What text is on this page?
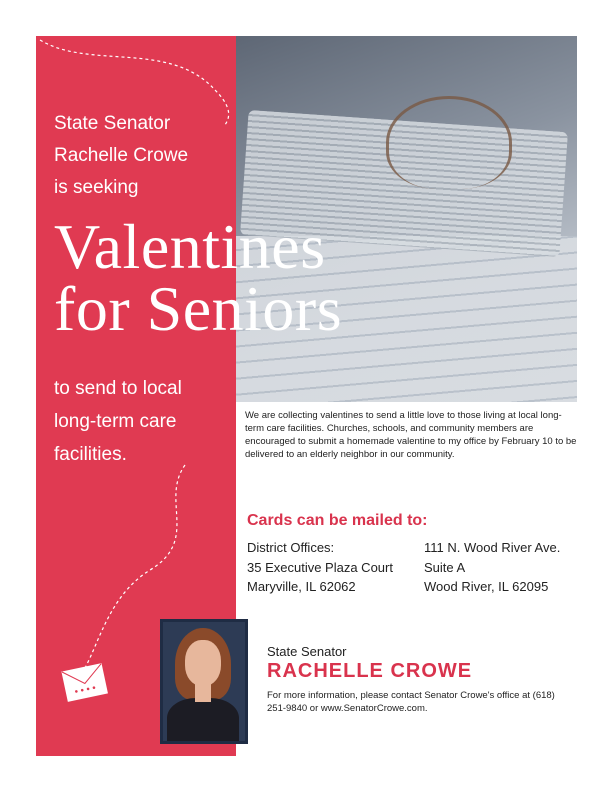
State Senator
Rachelle Crowe
is seeking
Valentines
for Seniors
to send to local
long-term care
facilities.
We are collecting valentines to send a little love to those living at local long-term care facilities. Churches, schools, and community members are encouraged to submit a homemade valentine to my office by February 10 to be delivered to an elderly neighbor in our community.
Cards can be mailed to:
District Offices:
35 Executive Plaza Court
Maryville, IL 62062
111 N. Wood River Ave.
Suite A
Wood River, IL 62095
State Senator
RACHELLE CROWE
For more information, please contact Senator Crowe's office at (618) 251-9840 or www.SenatorCrowe.com.
